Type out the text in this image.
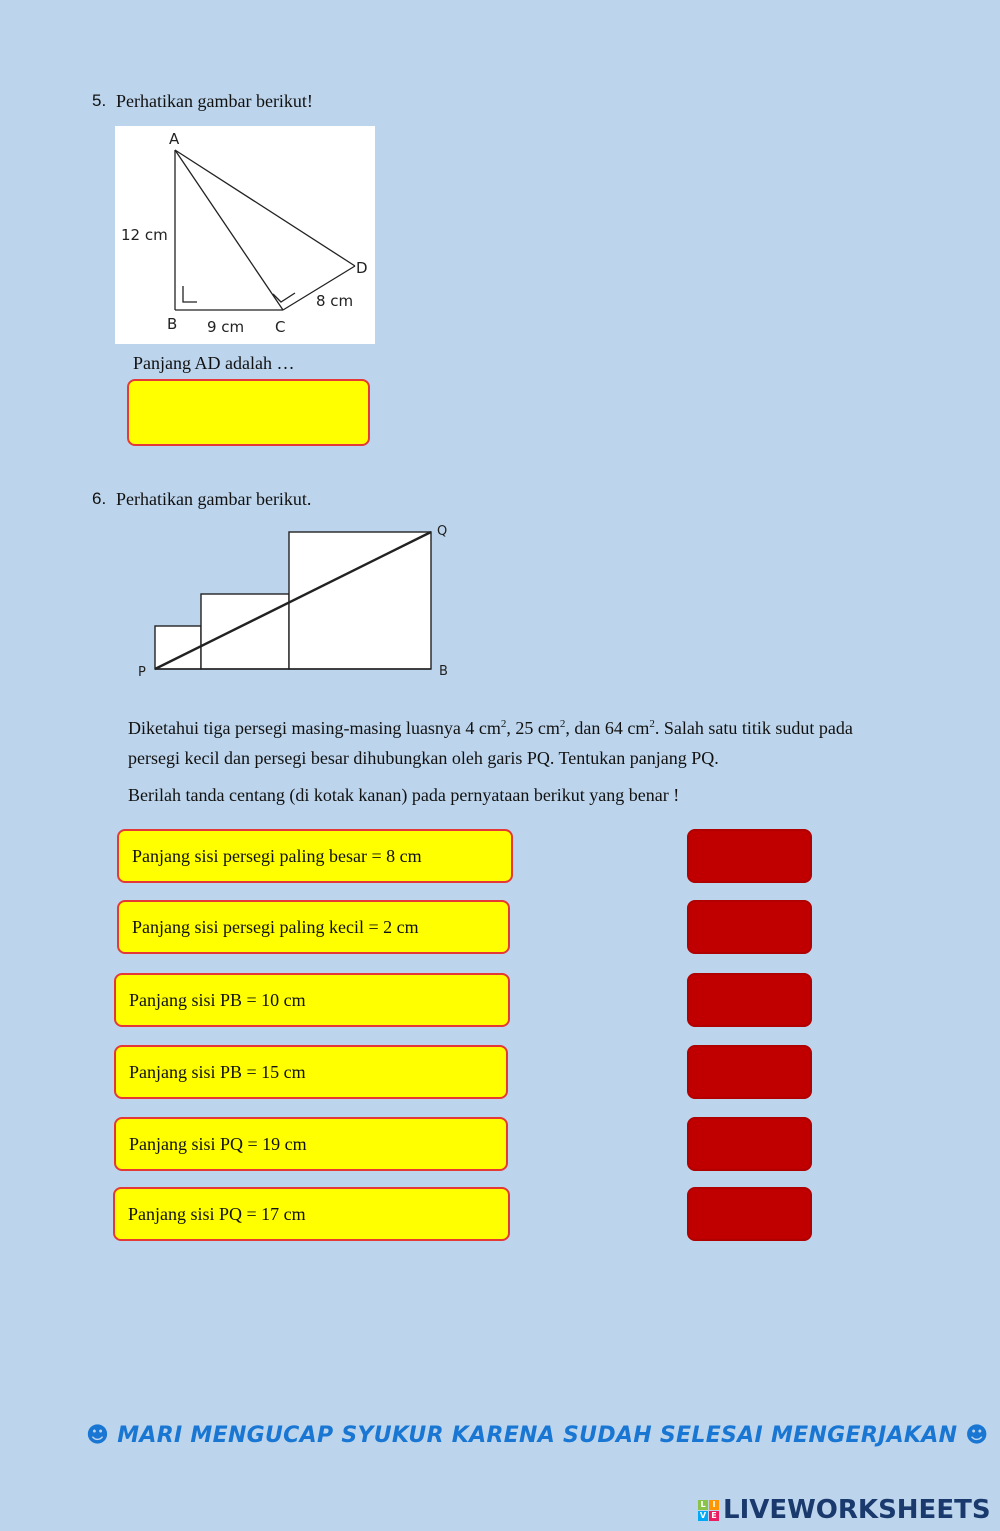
5. Perhatikan gambar berikut!
A
B	C
D
12 cm
9 cm
8 cm
Panjang AD adalah …
6. Perhatikan gambar berikut.
P
Q
B
Diketahui tiga persegi masing-masing luasnya 4 $cm^2$, 25 $cm^2$, dan 64 $cm^2$. Salah satu titik sudut pada
persegi kecil dan persegi besar dihubungkan oleh garis PQ. Tentukan panjang PQ.
Berilah tanda centang (di kotak kanan) pada pernyataan berikut yang benar !
Panjang sisi persegi paling besar = 8 cm
Panjang sisi persegi paling kecil = 2 cm
Panjang sisi PB = 10 cm
Panjang sisi PB = 15 cm
Panjang sisi PQ = 19 cm
Panjang sisi PQ = 17 cm
☻ MARI MENGUCAP SYUKUR KARENA SUDAH SELESAI MENGERJAKAN ☻
L I
V E LIVEWORKSHEETS
